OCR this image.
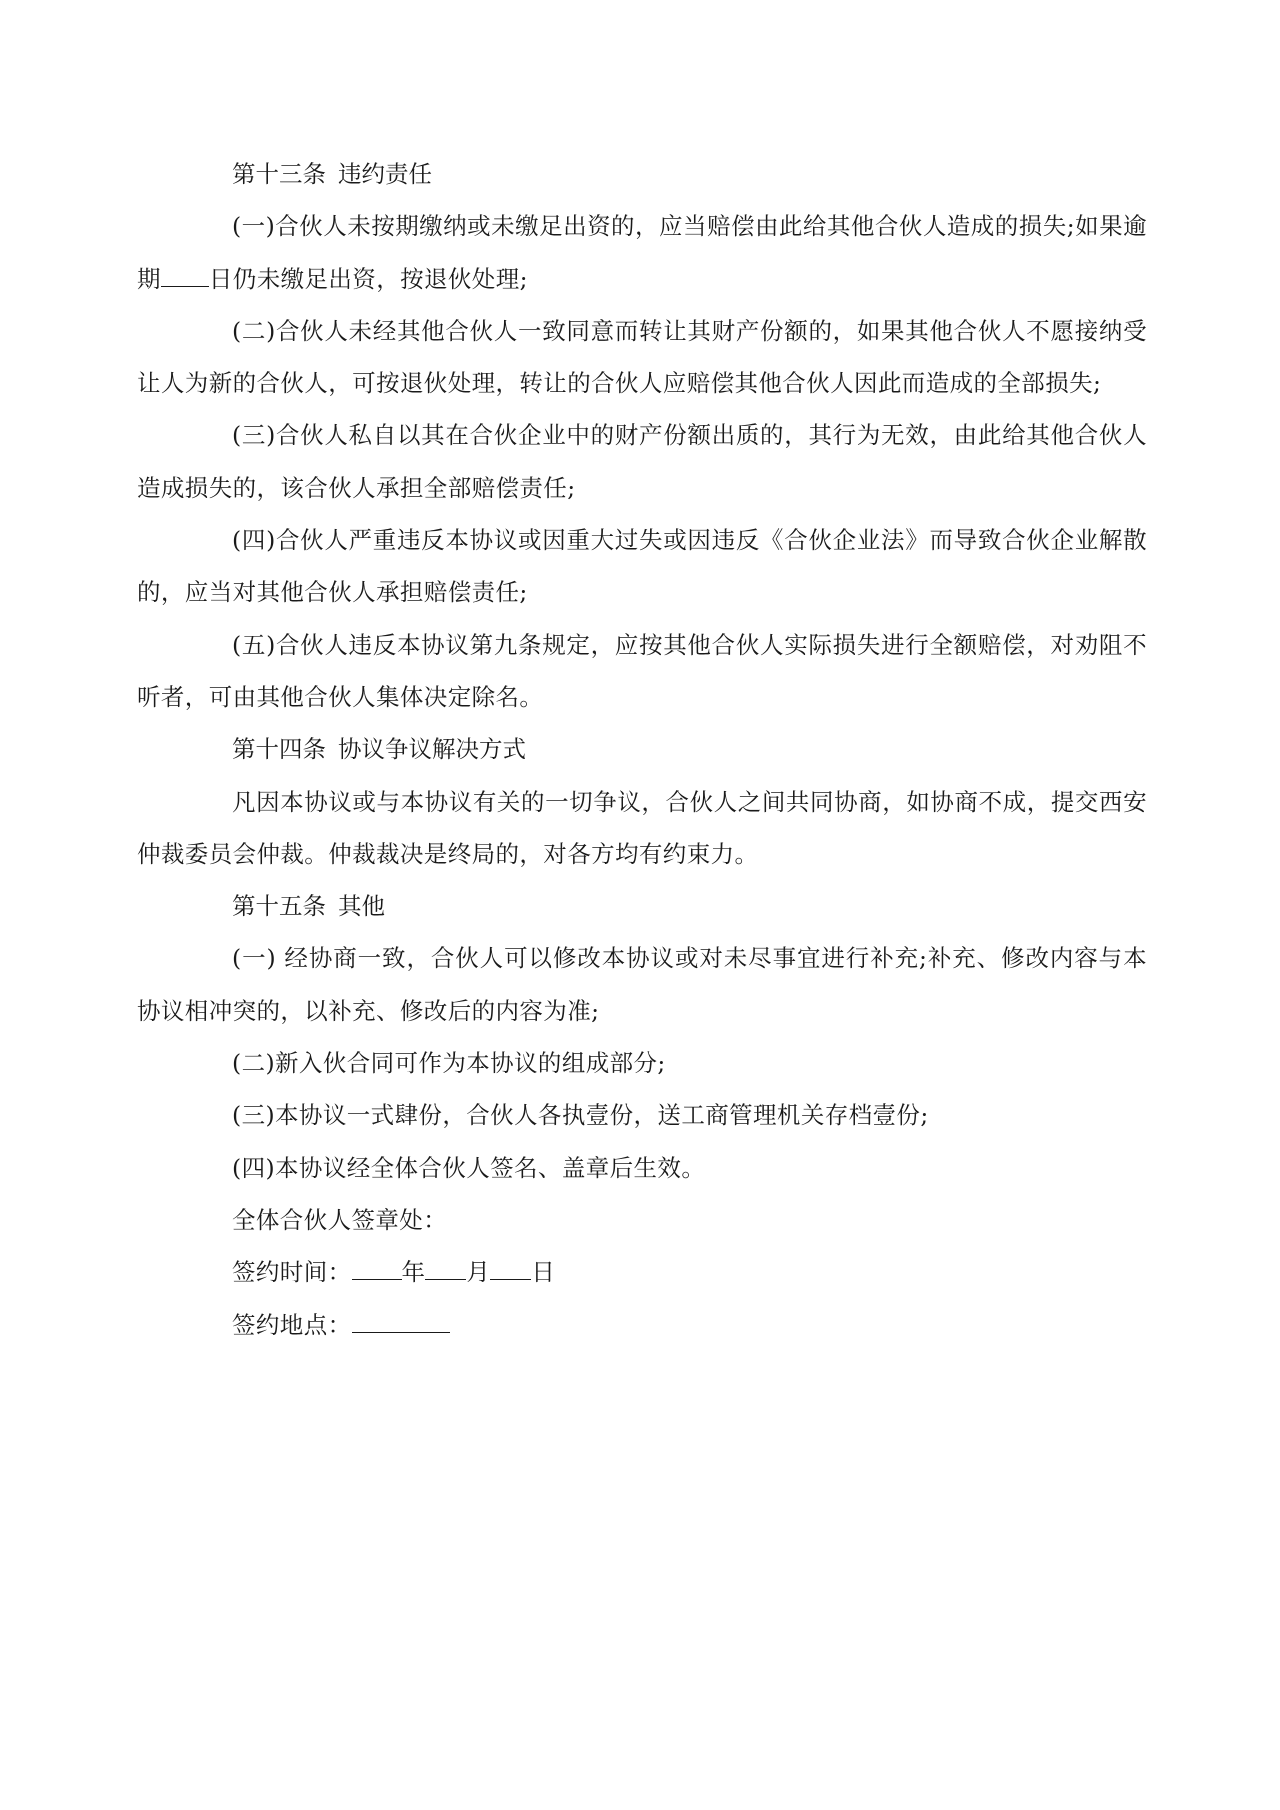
第十三条 违约责任

(一)合伙人未按期缴纳或未缴足出资的，应当赔偿由此给其他合伙人造成的损失;如果逾期 日仍未缴足出资，按退伙处理;

(二)合伙人未经其他合伙人一致同意而转让其财产份额的，如果其他合伙人不愿接纳受让人为新的合伙人，可按退伙处理，转让的合伙人应赔偿其他合伙人因此而造成的全部损失;

(三)合伙人私自以其在合伙企业中的财产份额出质的，其行为无效，由此给其他合伙人造成损失的，该合伙人承担全部赔偿责任;

(四)合伙人严重违反本协议或因重大过失或因违反《合伙企业法》而导致合伙企业解散的，应当对其他合伙人承担赔偿责任;

(五)合伙人违反本协议第九条规定，应按其他合伙人实际损失进行全额赔偿，对劝阻不听者，可由其他合伙人集体决定除名。

第十四条 协议争议解决方式

凡因本协议或与本协议有关的一切争议，合伙人之间共同协商，如协商不成，提交西安仲裁委员会仲裁。仲裁裁决是终局的，对各方均有约束力。

第十五条 其他

(一) 经协商一致，合伙人可以修改本协议或对未尽事宜进行补充;补充、修改内容与本协议相冲突的，以补充、修改后的内容为准;

(二)新入伙合同可作为本协议的组成部分;

(三)本协议一式肆份，合伙人各执壹份，送工商管理机关存档壹份;

(四)本协议经全体合伙人签名、盖章后生效。

全体合伙人签章处：

签约时间： 年 月 日

签约地点：
